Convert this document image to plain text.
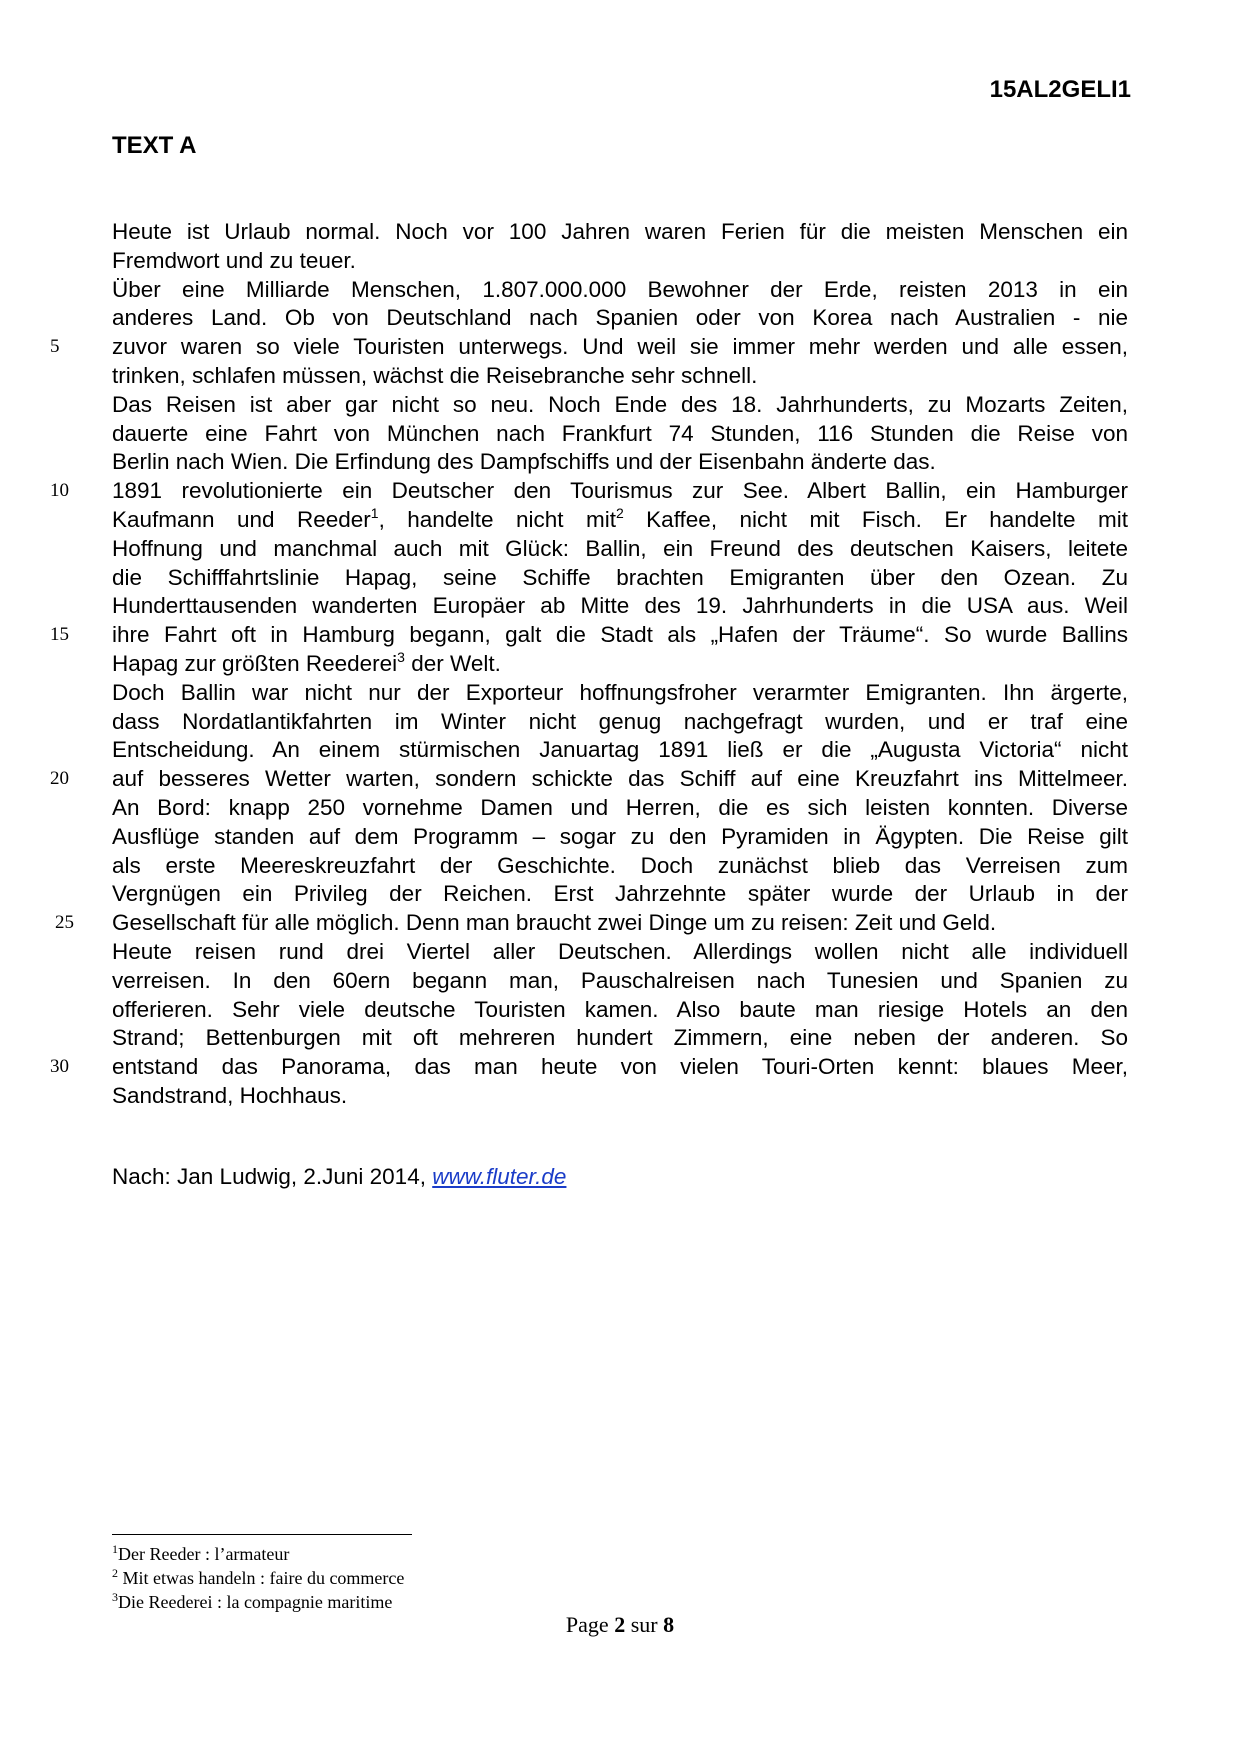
15AL2GELI1
TEXT A
Heute ist Urlaub normal. Noch vor 100 Jahren waren Ferien für die meisten Menschen ein
Fremdwort und zu teuer.
Über eine Milliarde Menschen, 1.807.000.000 Bewohner der Erde, reisten 2013 in ein
anderes Land. Ob von Deutschland nach Spanien oder von Korea nach Australien - nie
5	zuvor waren so viele Touristen unterwegs. Und weil sie immer mehr werden und alle essen,
trinken, schlafen müssen, wächst die Reisebranche sehr schnell.
Das Reisen ist aber gar nicht so neu. Noch Ende des 18. Jahrhunderts, zu Mozarts Zeiten,
dauerte eine Fahrt von München nach Frankfurt 74 Stunden, 116 Stunden die Reise von
Berlin nach Wien. Die Erfindung des Dampfschiffs und der Eisenbahn änderte das.
10 1891 revolutionierte ein Deutscher den Tourismus zur See. Albert Ballin, ein Hamburger
Kaufmann und Reeder$^1$, handelte nicht mit$^2$ Kaffee, nicht mit Fisch. Er handelte mit
Hoffnung und manchmal auch mit Glück: Ballin, ein Freund des deutschen Kaisers, leitete
die Schifffahrtslinie Hapag, seine Schiffe brachten Emigranten über den Ozean. Zu
Hunderttausenden wanderten Europäer ab Mitte des 19. Jahrhunderts in die USA aus. Weil
15 ihre Fahrt oft in Hamburg begann, galt die Stadt als „Hafen der Träume“. So wurde Ballins
Hapag zur größten Reederei$^3$ der Welt.
Doch Ballin war nicht nur der Exporteur hoffnungsfroher verarmter Emigranten. Ihn ärgerte,
dass Nordatlantikfahrten im Winter nicht genug nachgefragt wurden, und er traf eine
Entscheidung. An einem stürmischen Januartag 1891 ließ er die „Augusta Victoria“ nicht
20 auf besseres Wetter warten, sondern schickte das Schiff auf eine Kreuzfahrt ins Mittelmeer.
An Bord: knapp 250 vornehme Damen und Herren, die es sich leisten konnten. Diverse
Ausflüge standen auf dem Programm – sogar zu den Pyramiden in Ägypten. Die Reise gilt
als erste Meereskreuzfahrt der Geschichte. Doch zunächst blieb das Verreisen zum
Vergnügen ein Privileg der Reichen. Erst Jahrzehnte später wurde der Urlaub in der
25 Gesellschaft für alle möglich. Denn man braucht zwei Dinge um zu reisen: Zeit und Geld.
Heute reisen rund drei Viertel aller Deutschen. Allerdings wollen nicht alle individuell
verreisen. In den 60ern begann man, Pauschalreisen nach Tunesien und Spanien zu
offerieren. Sehr viele deutsche Touristen kamen. Also baute man riesige Hotels an den
Strand; Bettenburgen mit oft mehreren hundert Zimmern, eine neben der anderen. So
30 entstand das Panorama, das man heute von vielen Touri-Orten kennt: blaues Meer,
Sandstrand, Hochhaus.
Nach: Jan Ludwig, 2.Juni 2014, www.fluter.de
$^1$Der Reeder : l’armateur
$^2$ Mit etwas handeln : faire du commerce
$^3$Die Reederei : la compagnie maritime
Page 2 sur 8
